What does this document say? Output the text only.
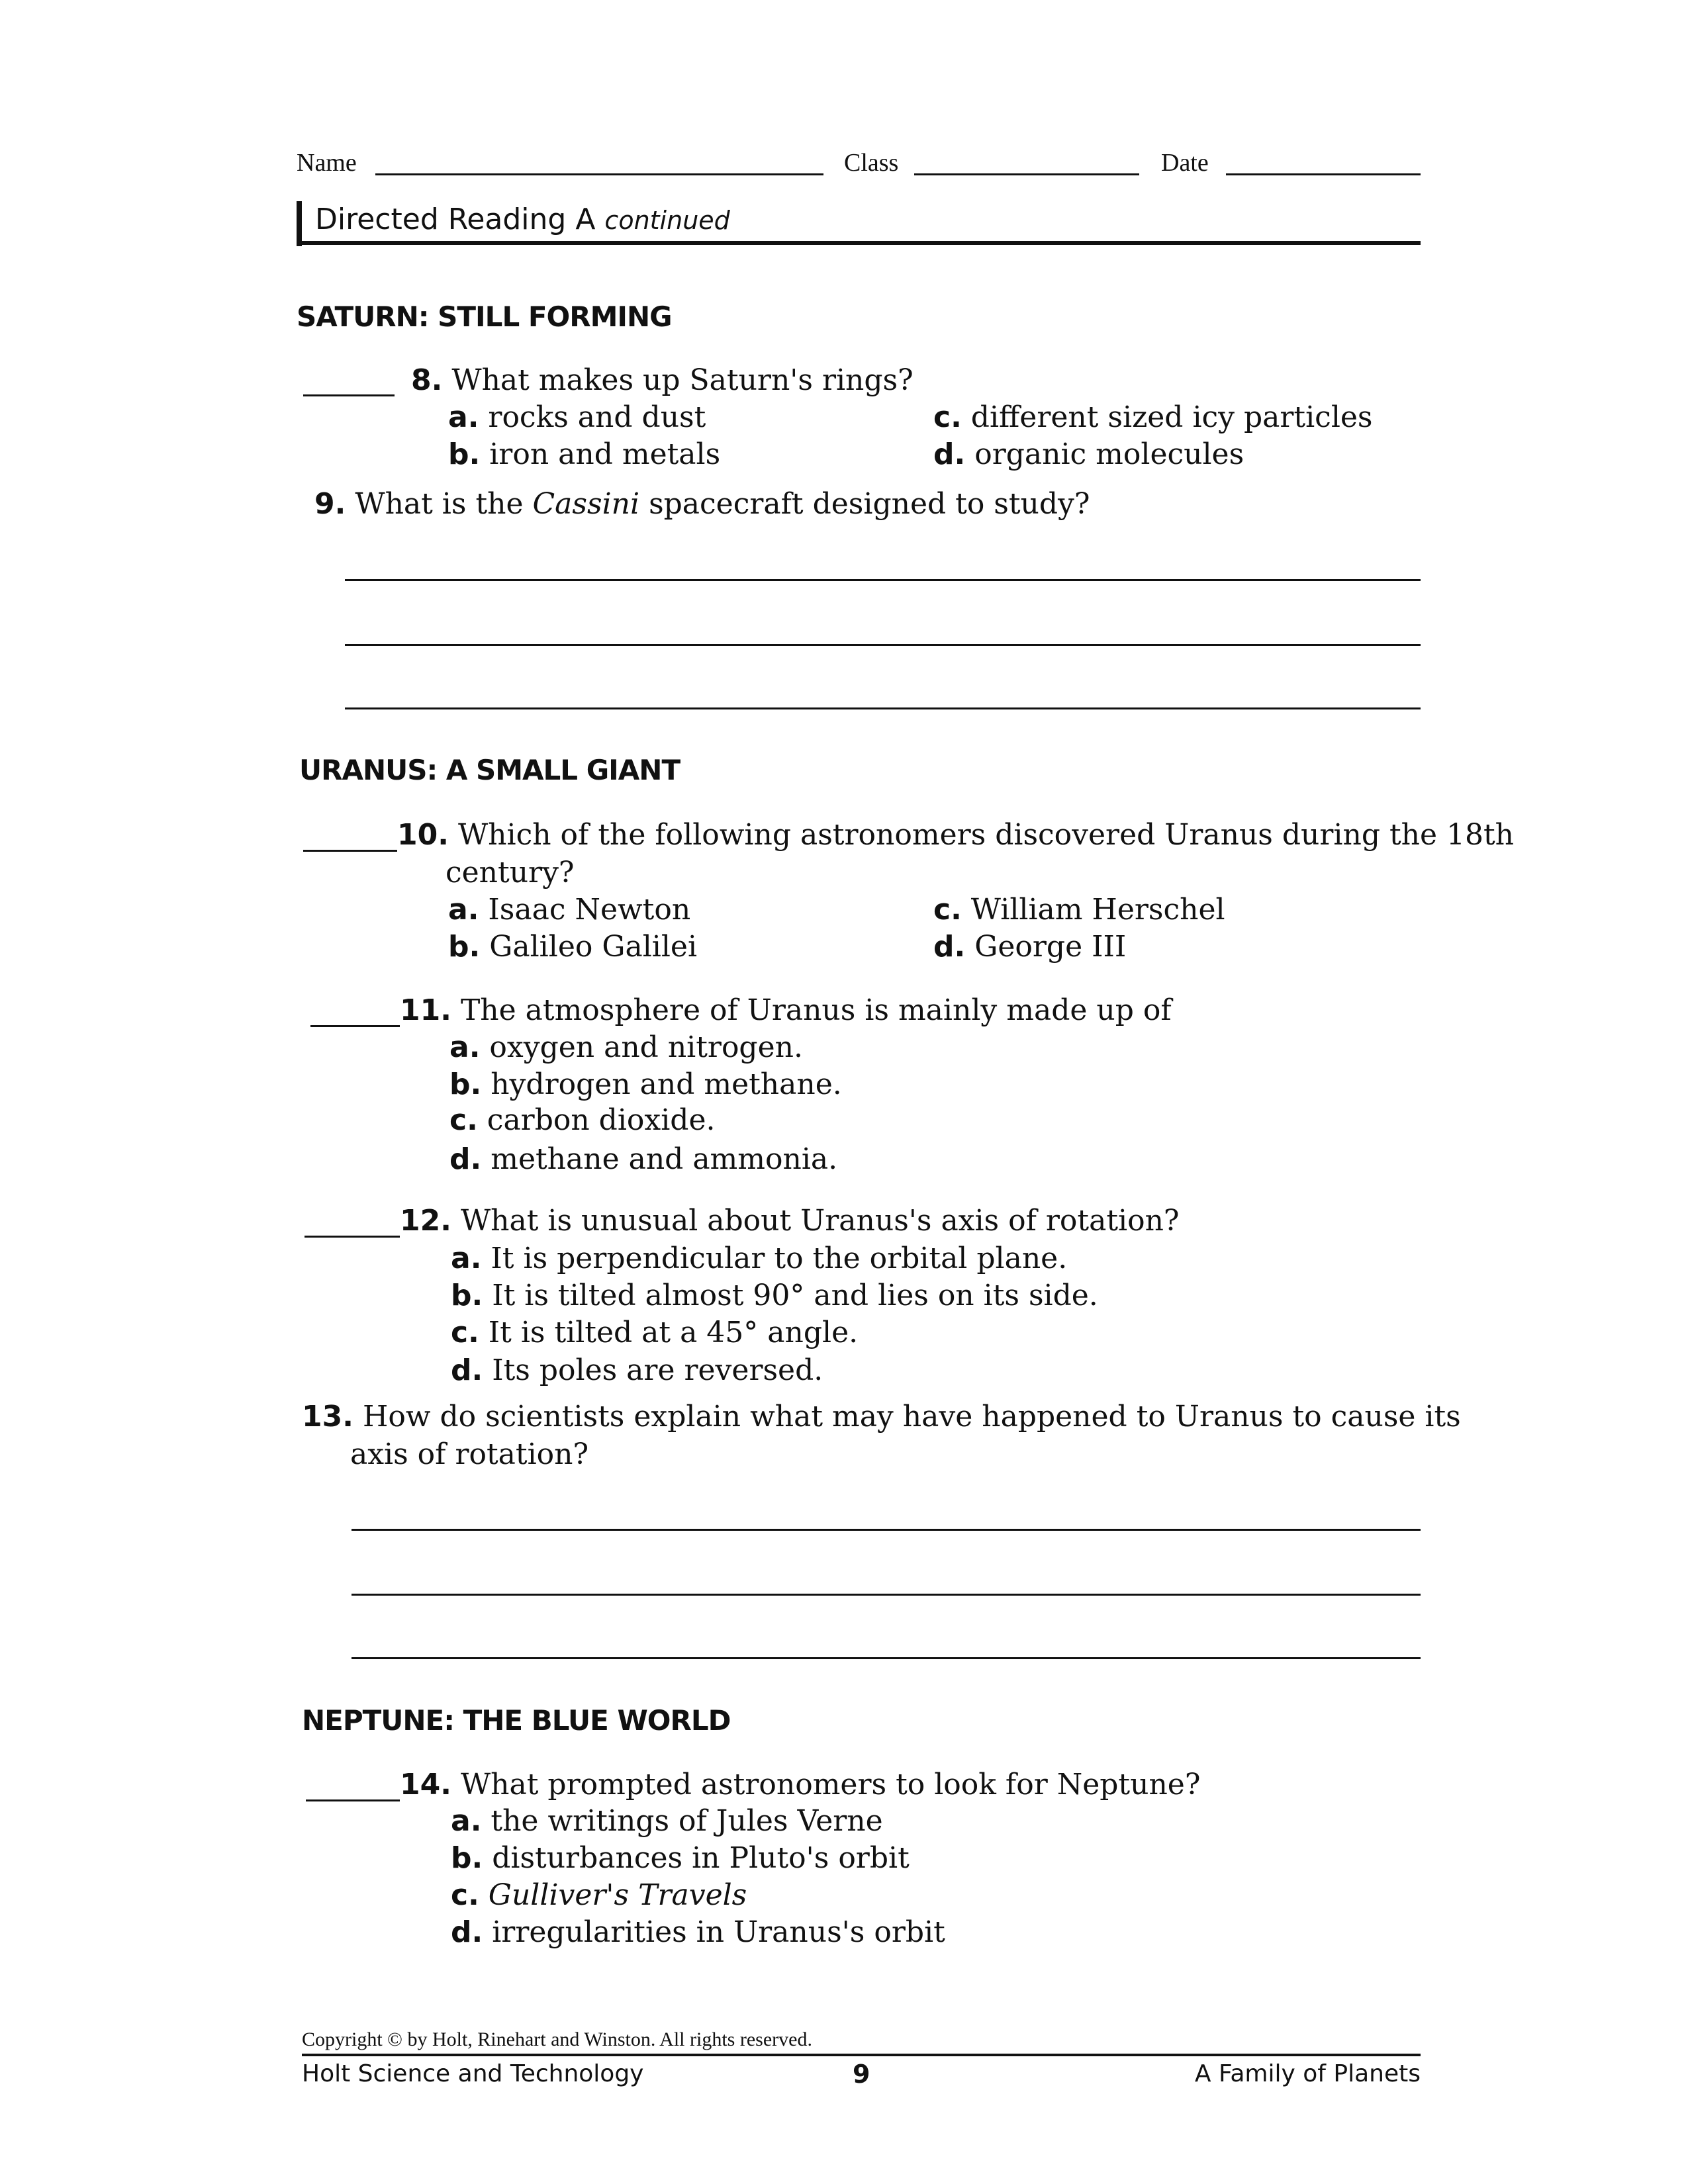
Name	Class	Date
Directed Reading A continued
SATURN: STILL FORMING
8. What makes up Saturn's rings?
a. rocks and dust
b. iron and metals
c. different sized icy particles
d. organic molecules
9. What is the Cassini spacecraft designed to study?
URANUS: A SMALL GIANT
10. Which of the following astronomers discovered Uranus during the 18th
century?
a. Isaac Newton
b. Galileo Galilei
c. William Herschel
d. George III
11. The atmosphere of Uranus is mainly made up of
a. oxygen and nitrogen.
b. hydrogen and methane.
c. carbon dioxide.
d. methane and ammonia.
12. What is unusual about Uranus's axis of rotation?
a. It is perpendicular to the orbital plane.
b. It is tilted almost 90° and lies on its side.
c. It is tilted at a 45° angle.
d. Its poles are reversed.
13. How do scientists explain what may have happened to Uranus to cause its
axis of rotation?
NEPTUNE: THE BLUE WORLD
14. What prompted astronomers to look for Neptune?
a. the writings of Jules Verne
b. disturbances in Pluto's orbit
c. Gulliver's Travels
d. irregularities in Uranus's orbit
Copyright © by Holt, Rinehart and Winston. All rights reserved.
Holt Science and Technology	9	A Family of Planets
